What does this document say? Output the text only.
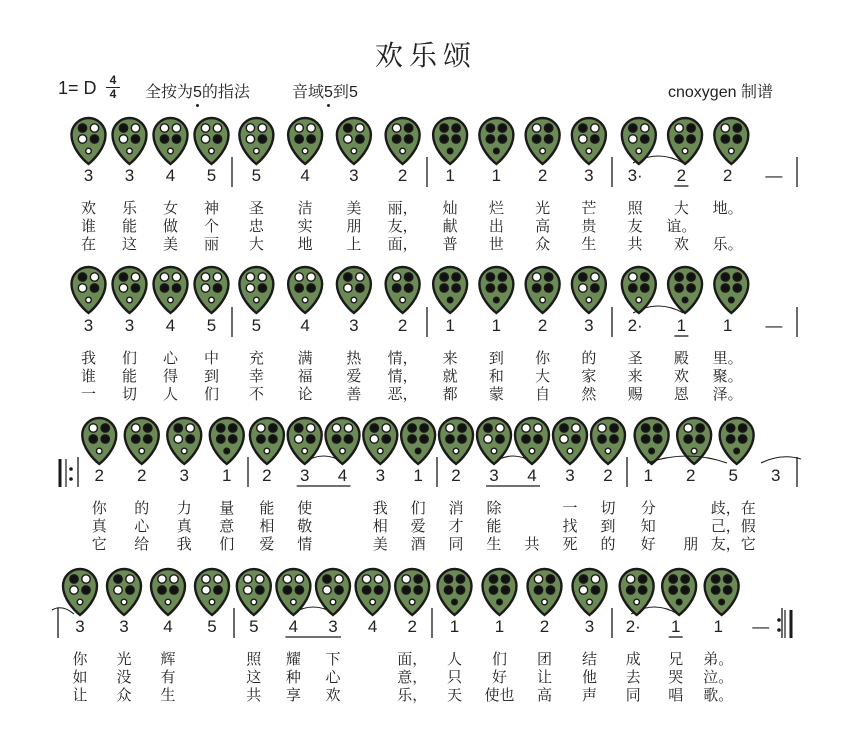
欢乐颂
1= D	4
4 全按为5的指法	音域5到5	cnoxygen 制谱
3 3 4 5
欢 乐 女 神
谁 能 做 个
在 这 美 丽
5 4 3 2
圣 洁 美 丽，
忠 实 朋 友，
大 地 上 面，
1 1 2 3
灿 烂 光 芒
献 出 高 贵
普 世 众 生
3· 2 2 —
照 大 地。
友 谊。
共 欢 乐。
3 3 4 5
我 们 心 中
谁 能 得 到
一 切 人 们
5 4 3 2
充 满 热 情，
幸 福 爱 情，
不 论 善 恶，
1 1 2 3
来 到 你 的
就 和 大 家
都 蒙 自 然
2· 1 1 —
圣 殿 里。
来 欢 聚。
赐 恩 泽。
2 2 3 1
你 的 力 量
真 心 真 意
它 给 我 们
2 3 4 3 1
能 使	我 们
相 敬	相 爱
爱 情	美 酒
2 3 4 3 2
消 除	一 切
才 能	找 到
同 生 共 死 的
1 2 5 3
分	歧，在
知	己，假
好 朋 友，它
3 3 4 5
你 光 辉
如 没 有
让 众 生
5 4 3 4 2
照 耀 下	面，
这 种 心	意，
共 享 欢	乐，
1 1 2 3
人 们 团 结
只 好 让 他
天 使也 高 声
2· 1 1 —
成 兄 弟。
去 哭 泣。
同 唱 歌。
